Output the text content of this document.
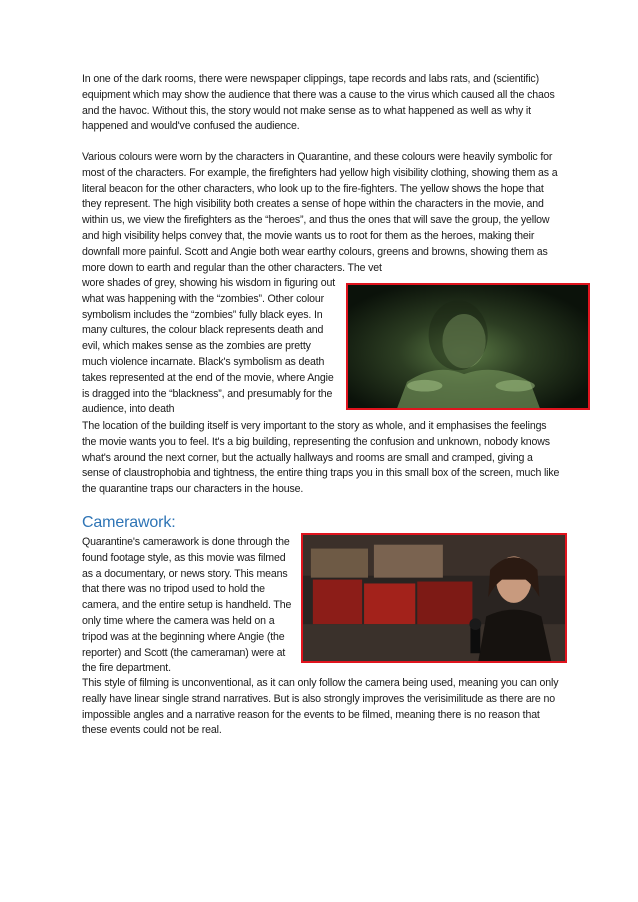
In one of the dark rooms, there were newspaper clippings, tape records and labs rats, and (scientific) equipment which may show the audience that there was a cause to the virus which caused all the chaos and the havoc. Without this, the story would not make sense as to what happened as well as why it happened and would've confused the audience.

Various colours were worn by the characters in Quarantine, and these colours were heavily symbolic for most of the characters. For example, the firefighters had yellow high visibility clothing, showing them as a literal beacon for the other characters, who look up to the fire-fighters. The yellow shows the hope that they represent. The high visibility both creates a sense of hope within the characters in the movie, and within us, we view the firefighters as the “heroes”, and thus the ones that will save the group, the yellow and high visibility helps convey that, the movie wants us to root for them as the heroes, making their downfall more painful. Scott and Angie both wear earthy colours, greens and browns, showing them as more down to earth and regular than the other characters. The vet

wore shades of grey, showing his wisdom in figuring out what was happening with the “zombies”. Other colour symbolism includes the “zombies” fully black eyes. In many cultures, the colour black represents death and evil, which makes sense as the zombies are pretty much violence incarnate. Black's symbolism as death takes represented at the end of the movie, where Angie is dragged into the “blackness”, and presumably for the audience, into death

The location of the building itself is very important to the story as whole, and it emphasises the feelings the movie wants you to feel. It's a big building, representing the confusion and unknown, nobody knows what's around the next corner, but the actually hallways and rooms are small and cramped, giving a sense of claustrophobia and tightness, the entire thing traps you in this small box of the screen, much like the quarantine traps our characters in the house.

Camerawork:

Quarantine's camerawork is done through the found footage style, as this movie was filmed as a documentary, or news story. This means that there was no tripod used to hold the camera, and the entire setup is handheld. The only time where the camera was held on a tripod was at the beginning where Angie (the reporter) and Scott (the cameraman) were at the fire department.

This style of filming is unconventional, as it can only follow the camera being used, meaning you can only really have linear single strand narratives. But is also strongly improves the verisimilitude as there are no impossible angles and a narrative reason for the events to be filmed, meaning there is no reason that these events could not be real.
